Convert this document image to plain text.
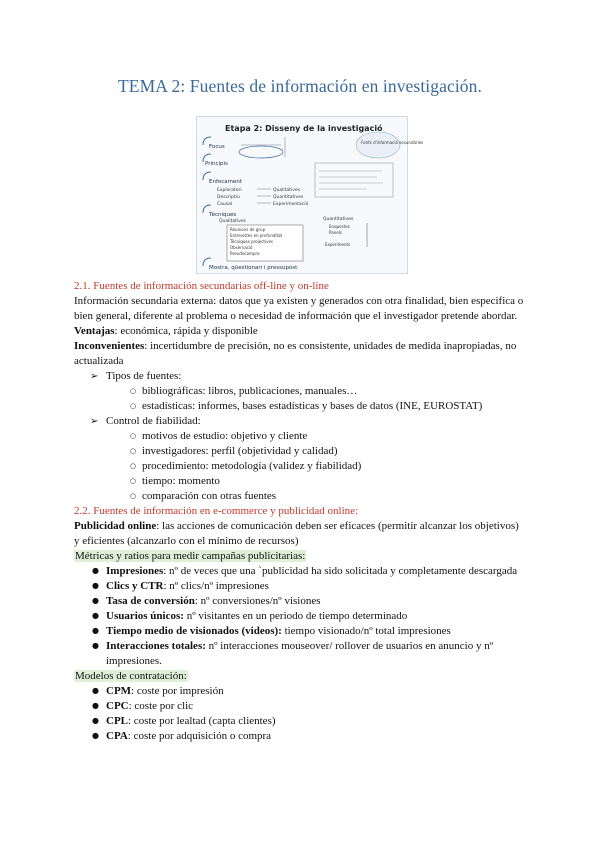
TEMA 2: Fuentes de información en investigación.
Etapa 2: Disseny de la investigació
Fonts d'informació secundàries
Focus
Principis
Enfocament
Tècniques
Mostra, qüestionari i pressupost
Exploratori
Descriptiu
Causal
Qualitatives
Quantitatives
Experimentació
Qualitatives
Reunions de grup
Entrevistes en profunditat
Tècniques projectives
Observació
Pseudocompra
Quantitatives
Enquestes
Panels
Experiments
2.1. Fuentes de información secundarias off-line y on-line
Información secundaria externa: datos que ya existen y generados con otra finalidad, bien especifica o
bien general, diferente al problema o necesidad de información que el investigador pretende abordar.
Ventajas: económica, rápida y disponible
Inconvenientes: incertidumbre de precisión, no es consistente, unidades de medida inapropiadas, no
actualizada
➢ Tipos de fuentes:
○ bibliográficas: libros, publicaciones, manuales…
○ estadísticas: informes, bases estadísticas y bases de datos (INE, EUROSTAT)
➢ Control de fiabilidad:
○ motivos de estudio: objetivo y cliente
○ investigadores: perfil (objetividad y calidad)
○ procedimiento: metodología (validez y fiabilidad)
○ tiempo: momento
○ comparación con otras fuentes
2.2. Fuentes de información en e-commerce y publicidad online:
Publicidad online: las acciones de comunicación deben ser eficaces (permitir alcanzar los objetivos)
y eficientes (alcanzarlo con el mínimo de recursos)
Métricas y ratios para medir campañas publicitarias:
● Impresiones: nº de veces que una `publicidad ha sido solicitada y completamente descargada
● Clics y CTR: nº clics/nº impresiones
● Tasa de conversión: nº conversiones/nº visiones
● Usuarios únicos: nº visitantes en un periodo de tiempo determinado
● Tiempo medio de visionados (videos): tiempo visionado/nº total impresiones
● Interacciones totales: nº interacciones mouseover/ rollover de usuarios en anuncio y nº
impresiones.
Modelos de contratación:
● CPM: coste por impresión
● CPC: coste por clic
● CPL: coste por lealtad (capta clientes)
● CPA: coste por adquisición o compra
